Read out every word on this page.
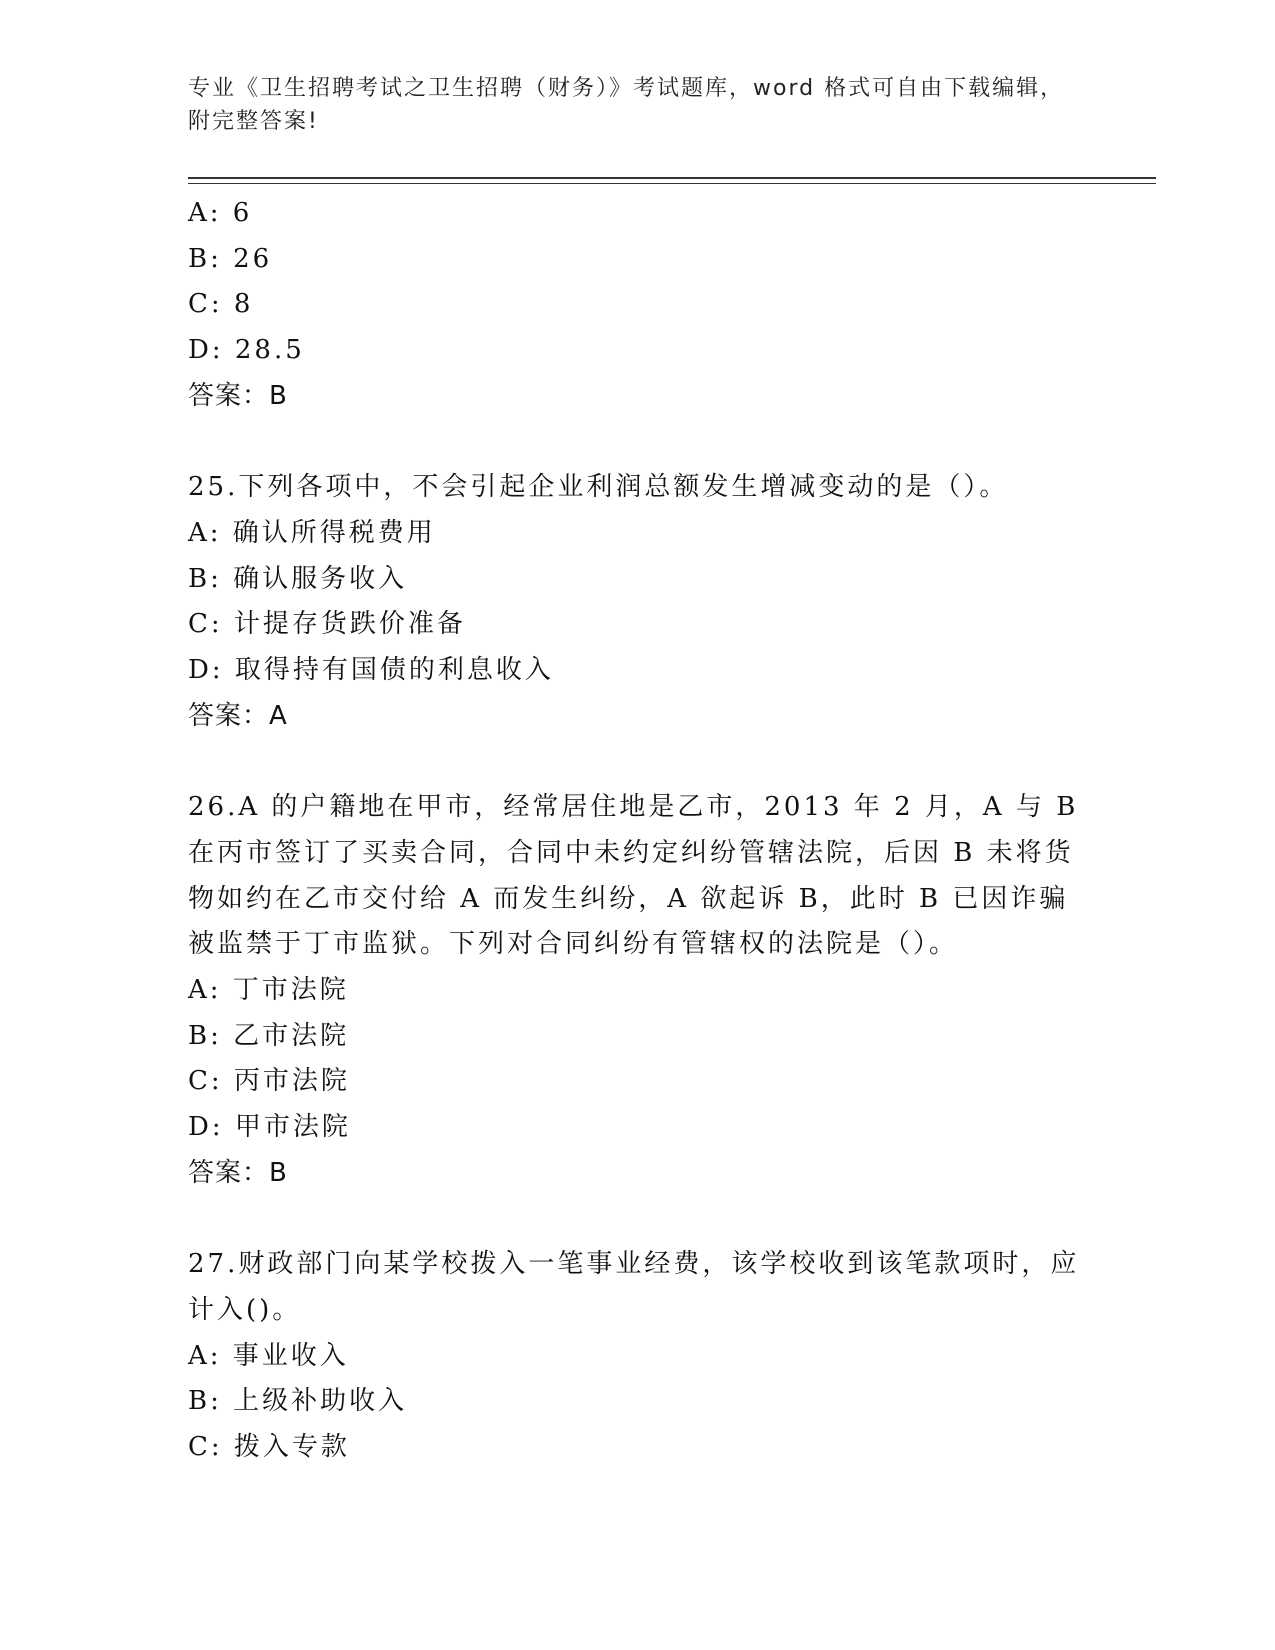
专业《卫生招聘考试之卫生招聘（财务）》考试题库，word 格式可自由下载编辑，附完整答案!
A: 6
B: 26
C: 8
D: 28.5
答案：B
25.下列各项中，不会引起企业利润总额发生增减变动的是（）。
A: 确认所得税费用
B: 确认服务收入
C: 计提存货跌价准备
D: 取得持有国债的利息收入
答案：A
26.A 的户籍地在甲市，经常居住地是乙市，2013 年 2 月，A 与 B 在丙市签订了买卖合同，合同中未约定纠纷管辖法院，后因 B 未将货物如约在乙市交付给 A 而发生纠纷，A 欲起诉 B，此时 B 已因诈骗被监禁于丁市监狱。下列对合同纠纷有管辖权的法院是（）。
A: 丁市法院
B: 乙市法院
C: 丙市法院
D: 甲市法院
答案：B
27.财政部门向某学校拨入一笔事业经费，该学校收到该笔款项时，应计入()。
A: 事业收入
B: 上级补助收入
C: 拨入专款
